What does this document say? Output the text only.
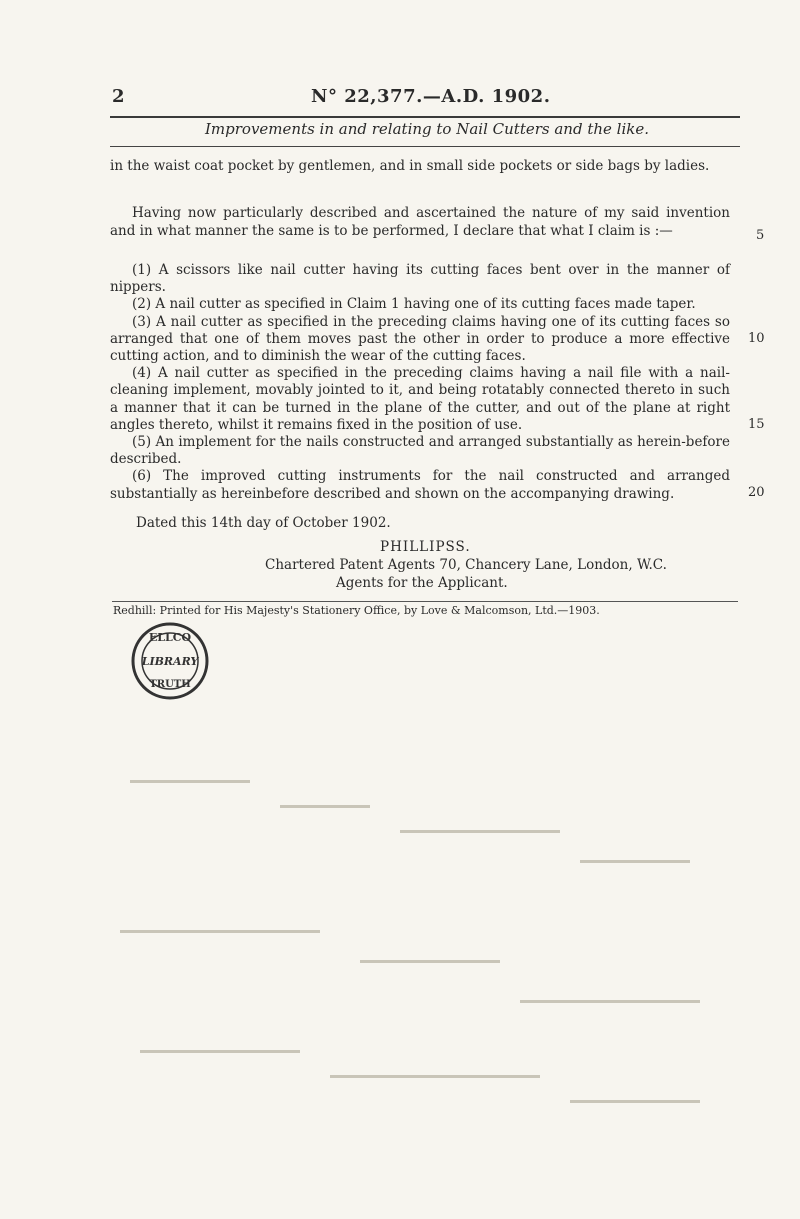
2	N° 22,377.—A.D. 1902.
Improvements in and relating to Nail Cutters and the like.
in the waist coat pocket by gentlemen, and in small side pockets or side bags by ladies.
Having now particularly described and ascertained the nature of my said invention and in what manner the same is to be performed, I declare that what I claim is :—
(1) A scissors like nail cutter having its cutting faces bent over in the manner of nippers.
(2) A nail cutter as specified in Claim 1 having one of its cutting faces made taper.
(3) A nail cutter as specified in the preceding claims having one of its cutting faces so arranged that one of them moves past the other in order to produce a more effective cutting action, and to diminish the wear of the cutting faces.
(4) A nail cutter as specified in the preceding claims having a nail file with a nail-cleaning implement, movably jointed to it, and being rotatably connected thereto in such a manner that it can be turned in the plane of the cutter, and out of the plane at right angles thereto, whilst it remains fixed in the position of use.
(5) An implement for the nails constructed and arranged substantially as herein-before described.
(6) The improved cutting instruments for the nail constructed and arranged substantially as hereinbefore described and shown on the accompanying drawing.
5
10
Dated this 14th day of October 1902.
PHILLIPSS.
Chartered Patent Agents 70, Chancery Lane, London, W.C.
Agents for the Applicant.
Redhill: Printed for His Majesty's Stationery Office, by Love & Malcomson, Ltd.—1903.
ELLCO
LIBRARY
TRUTH
15
20
